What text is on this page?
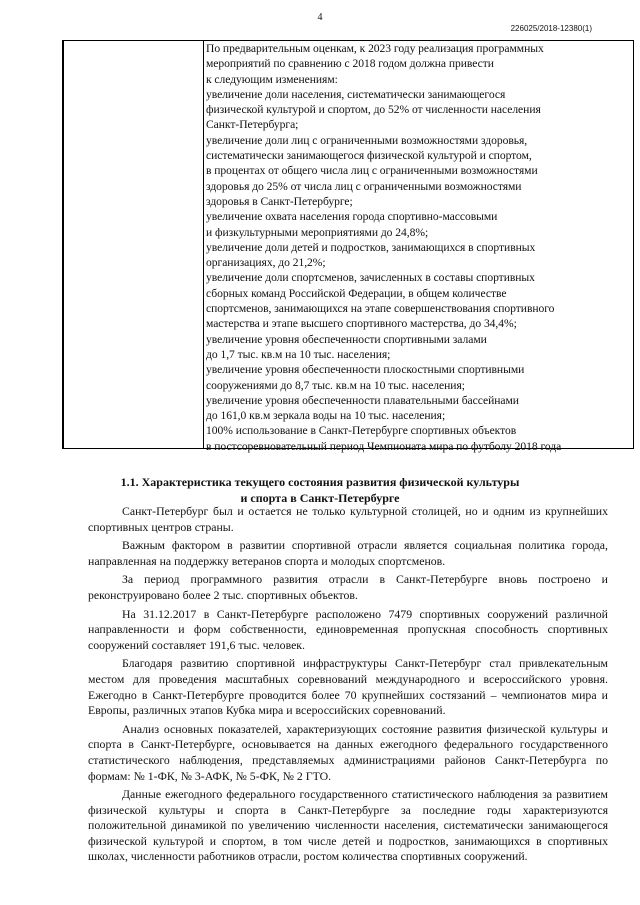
4
226025/2018-12380(1)
По предварительным оценкам, к 2023 году реализация программных
мероприятий по сравнению с 2018 годом должна привести
к следующим изменениям:
увеличение доли населения, систематически занимающегося
физической культурой и спортом, до 52% от численности населения
Санкт-Петербурга;
увеличение доли лиц с ограниченными возможностями здоровья,
систематически занимающегося физической культурой и спортом,
в процентах от общего числа лиц с ограниченными возможностями
здоровья до 25% от числа лиц с ограниченными возможностями
здоровья в Санкт-Петербурге;
увеличение охвата населения города спортивно-массовыми
и физкультурными мероприятиями до 24,8%;
увеличение доли детей и подростков, занимающихся в спортивных
организациях, до 21,2%;
увеличение доли спортсменов, зачисленных в составы спортивных
сборных команд Российской Федерации, в общем количестве
спортсменов, занимающихся на этапе совершенствования спортивного
мастерства и этапе высшего спортивного мастерства, до 34,4%;
увеличение уровня обеспеченности спортивными залами
до 1,7 тыс. кв.м на 10 тыс. населения;
увеличение уровня обеспеченности плоскостными спортивными
сооружениями до 8,7 тыс. кв.м на 10 тыс. населения;
увеличение уровня обеспеченности плавательными бассейнами
до 161,0 кв.м зеркала воды на 10 тыс. населения;
100% использование в Санкт-Петербурге спортивных объектов
в постсоревновательный период Чемпионата мира по футболу 2018 года
1.1. Характеристика текущего состояния развития физической культуры
и спорта в Санкт-Петербурге

Санкт-Петербург был и остается не только культурной столицей, но и одним из крупнейших спортивных центров страны.

Важным фактором в развитии спортивной отрасли является социальная политика города, направленная на поддержку ветеранов спорта и молодых спортсменов.

За период программного развития отрасли в Санкт-Петербурге вновь построено и реконструировано более 2 тыс. спортивных объектов.

На 31.12.2017 в Санкт-Петербурге расположено 7479 спортивных сооружений различной направленности и форм собственности, единовременная пропускная способность спортивных сооружений составляет 191,6 тыс. человек.

Благодаря развитию спортивной инфраструктуры Санкт-Петербург стал привлекательным местом для проведения масштабных соревнований международного и всероссийского уровня. Ежегодно в Санкт-Петербурге проводится более 70 крупнейших состязаний – чемпионатов мира и Европы, различных этапов Кубка мира и всероссийских соревнований.

Анализ основных показателей, характеризующих состояние развития физической культуры и спорта в Санкт-Петербурге, основывается на данных ежегодного федерального государственного статистического наблюдения, представляемых администрациями районов Санкт-Петербурга по формам: № 1-ФК, № 3-АФК, № 5-ФК, № 2 ГТО.

Данные ежегодного федерального государственного статистического наблюдения за развитием физической культуры и спорта в Санкт-Петербурге за последние годы характеризуются положительной динамикой по увеличению численности населения, систематически занимающегося физической культурой и спортом, в том числе детей и подростков, занимающихся в спортивных школах, численности работников отрасли, ростом количества спортивных сооружений.
